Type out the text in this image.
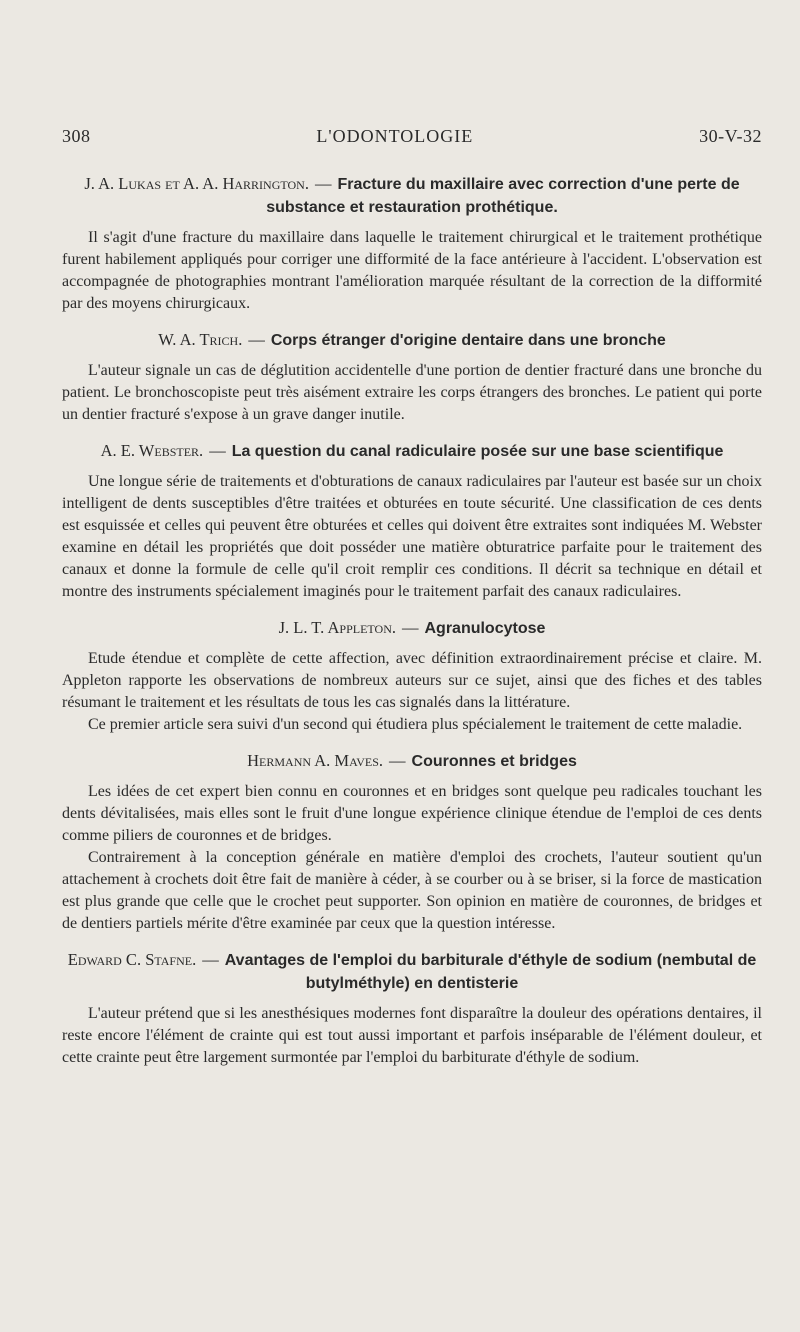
308	L'ODONTOLOGIE	30-V-32

J. A. Lukas et A. A. Harrington. — Fracture du maxillaire avec correction d'une perte de substance et restauration prothétique.

Il s'agit d'une fracture du maxillaire dans laquelle le traitement chirurgical et le traitement prothétique furent habilement appliqués pour corriger une difformité de la face antérieure à l'accident. L'observation est accompagnée de photographies montrant l'amélioration marquée résultant de la correction de la difformité par des moyens chirurgicaux.

W. A. Trich. — Corps étranger d'origine dentaire dans une bronche

L'auteur signale un cas de déglutition accidentelle d'une portion de dentier fracturé dans une bronche du patient. Le bronchoscopiste peut très aisément extraire les corps étrangers des bronches. Le patient qui porte un dentier fracturé s'expose à un grave danger inutile.

A. E. Webster. — La question du canal radiculaire posée sur une base scientifique

Une longue série de traitements et d'obturations de canaux radiculaires par l'auteur est basée sur un choix intelligent de dents susceptibles d'être traitées et obturées en toute sécurité. Une classification de ces dents est esquissée et celles qui peuvent être obturées et celles qui doivent être extraites sont indiquées M. Webster examine en détail les propriétés que doit posséder une matière obturatrice parfaite pour le traitement des canaux et donne la formule de celle qu'il croit remplir ces conditions. Il décrit sa technique en détail et montre des instruments spécialement imaginés pour le traitement parfait des canaux radiculaires.

J. L. T. Appleton. — Agranulocytose

Etude étendue et complète de cette affection, avec définition extraordinairement précise et claire. M. Appleton rapporte les observations de nombreux auteurs sur ce sujet, ainsi que des fiches et des tables résumant le traitement et les résultats de tous les cas signalés dans la littérature.

Ce premier article sera suivi d'un second qui étudiera plus spécialement le traitement de cette maladie.

Hermann A. Maves. — Couronnes et bridges

Les idées de cet expert bien connu en couronnes et en bridges sont quelque peu radicales touchant les dents dévitalisées, mais elles sont le fruit d'une longue expérience clinique étendue de l'emploi de ces dents comme piliers de couronnes et de bridges.

Contrairement à la conception générale en matière d'emploi des crochets, l'auteur soutient qu'un attachement à crochets doit être fait de manière à céder, à se courber ou à se briser, si la force de mastication est plus grande que celle que le crochet peut supporter. Son opinion en matière de couronnes, de bridges et de dentiers partiels mérite d'être examinée par ceux que la question intéresse.

Edward C. Stafne. — Avantages de l'emploi du barbiturale d'éthyle de sodium (nembutal de butylméthyle) en dentisterie

L'auteur prétend que si les anesthésiques modernes font disparaître la douleur des opérations dentaires, il reste encore l'élément de crainte qui est tout aussi important et parfois inséparable de l'élément douleur, et cette crainte peut être largement surmontée par l'emploi du barbiturate d'éthyle de sodium.
